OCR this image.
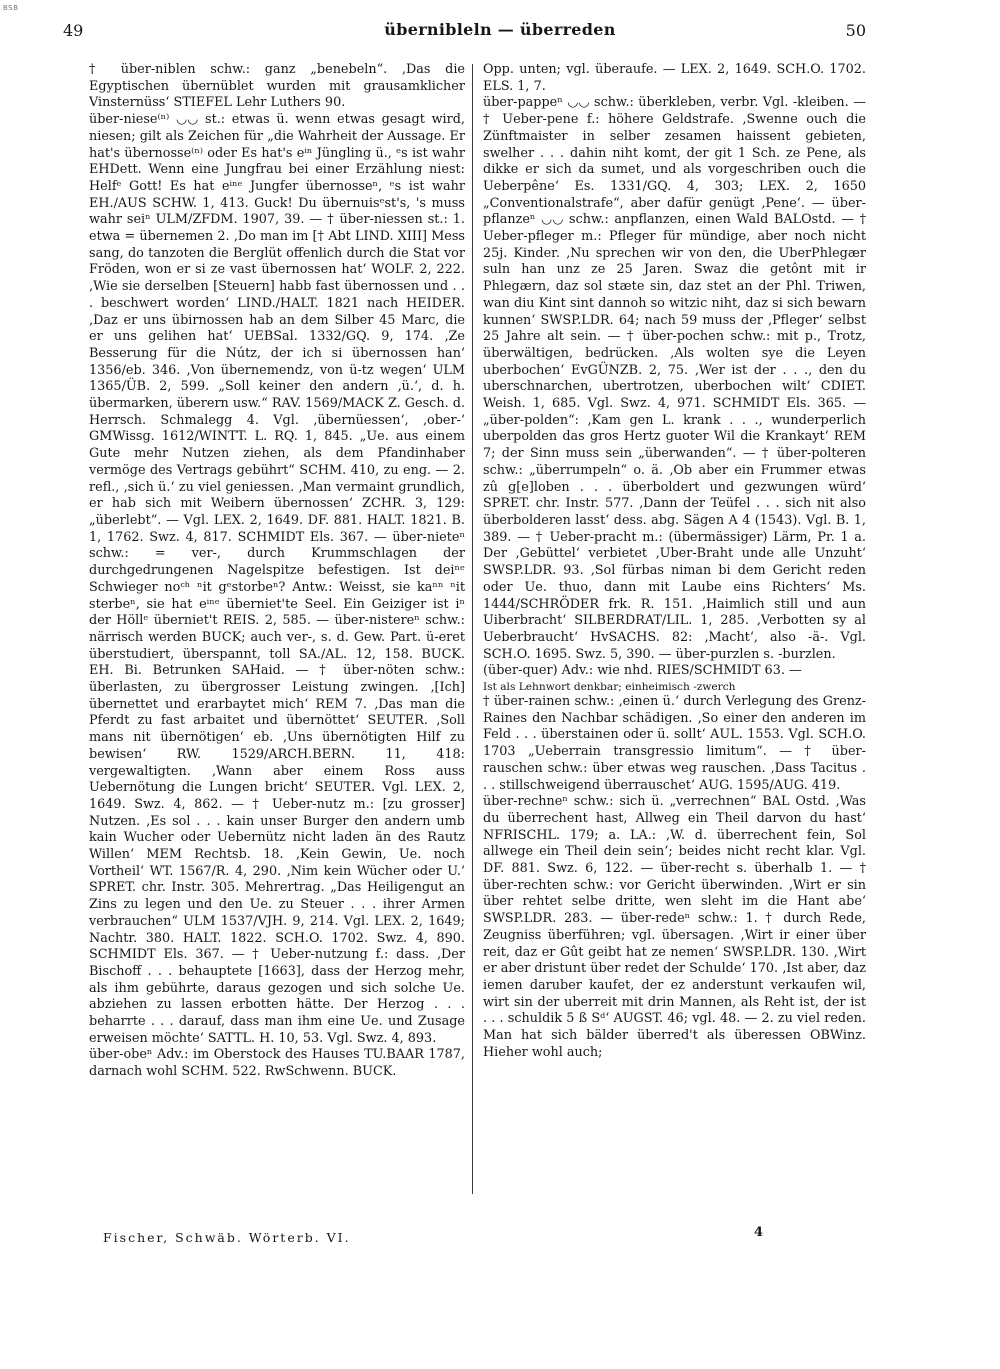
BSB
49	übernibleln — überreden	50

† über-niblen schw.: ganz „benebeln“. ‚Das die Egyptischen übernüblet wurden mit grausamklicher Vinsternüss‘ STIEFEL Lehr Luthers 90.

über-niese⁽ⁿ⁾ ◡◡ st.: etwas ü. wenn etwas gesagt wird, niesen; gilt als Zeichen für „die Wahrheit der Aussage. Er hat's übernosse⁽ⁿ⁾ oder Es hat's eⁱⁿ Jüngling ü., ᵉs ist wahr EHDett. Wenn eine Jungfrau bei einer Erzählung niest: Helfᵉ Gott! Es hat eⁱⁿᵉ Jungfer übernosseⁿ, ᵉs ist wahr EH./AUS SCHW. 1, 413. Guck! Du übernuisᵉst's, 's muss wahr seiⁿ ULM/ZFDM. 1907, 39. — † über-niessen st.: 1. etwa = übernemen 2. ‚Do man im [† Abt LIND. XIII] Mess sang, do tanzoten die Berglüt offenlich durch die Stat vor Fröden, won er si ze vast übernossen hat‘ WOLF. 2, 222. ‚Wie sie derselben [Steuern] habb fast übernossen und . . . beschwert worden‘ LIND./HALT. 1821 nach HEIDER. ‚Daz er uns übirnossen hab an dem Silber 45 Marc, die er uns gelihen hat‘ UEBSal. 1332/GQ. 9, 174. ‚Ze Besserung für die Nútz, der ich si übernossen han‘ 1356/eb. 346. ‚Von übernemendz, von ü-tz wegen‘ ULM 1365/ÜB. 2, 599. „Soll keiner den andern ‚ü.‘, d. h. übermarken, überern usw.“ RAV. 1569/MACK Z. Gesch. d. Herrsch. Schmalegg 4. Vgl. ‚übernüessen‘, ‚ober-‘ GMWissg. 1612/WINTT. L. RQ. 1, 845. „Ue. aus einem Gute mehr Nutzen ziehen, als dem Pfandinhaber vermöge des Vertrags gebührt“ SCHM. 410, zu eng. — 2. refl., ‚sich ü.‘ zu viel geniessen. ‚Man vermaint grundlich, er hab sich mit Weibern übernossen‘ ZCHR. 3, 129: „überlebt“. — Vgl. LEX. 2, 1649. DF. 881. HALT. 1821. B. 1, 1762. Swz. 4, 817. SCHMIDT Els. 367. — über-nieteⁿ schw.: = ver-, durch Krummschlagen der durchgedrungenen Nagelspitze befestigen. Ist deiⁿᵉ Schwieger noᶜʰ ⁿit gᵉstorbeⁿ? Antw.: Weisst, sie kaⁿⁿ ⁿit sterbeⁿ, sie hat eⁱⁿᵉ überniet'te Seel. Ein Geiziger ist iⁿ der Höllᵉ überniet't REIS. 2, 585. — über-nistereⁿ schw.: närrisch werden BUCK; auch ver-, s. d. Gew. Part. ü-eret überstudiert, überspannt, toll SA./AL. 12, 158. BUCK. EH. Bi. Betrunken SAHaid. — † über-nöten schw.: überlasten, zu übergrosser Leistung zwingen. ‚[Ich] übernettet und erarbaytet mich‘ REM 7. ‚Das man die Pferdt zu fast arbaitet und übernöttet‘ SEUTER. ‚Soll mans nit übernötigen‘ eb. ‚Uns übernötigten Hilf zu bewisen‘ RW. 1529/ARCH.BERN. 11, 418: vergewaltigten. ‚Wann aber einem Ross auss Uebernötung die Lungen bricht‘ SEUTER. Vgl. LEX. 2, 1649. Swz. 4, 862. — † Ueber-nutz m.: [zu grosser] Nutzen. ‚Es sol . . . kain unser Burger den andern umb kain Wucher oder Uebernütz nicht laden än des Rautz Willen‘ MEM Rechtsb. 18. ‚Kein Gewin, Ue. noch Vortheil‘ WT. 1567/R. 4, 290. ‚Nim kein Wücher oder U.‘ SPRET. chr. Instr. 305. Mehrertrag. „Das Heiligengut an Zins zu legen und den Ue. zu Steuer . . . ihrer Armen verbrauchen“ ULM 1537/VJH. 9, 214. Vgl. LEX. 2, 1649; Nachtr. 380. HALT. 1822. SCH.O. 1702. Swz. 4, 890. SCHMIDT Els. 367. — † Ueber-nutzung f.: dass. ‚Der Bischoff . . . behauptete [1663], dass der Herzog mehr, als ihm gebührte, daraus gezogen und sich solche Ue. abziehen zu lassen erbotten hätte. Der Herzog . . . beharrte . . . darauf, dass man ihm eine Ue. und Zusage erweisen möchte‘ SATTL. H. 10, 53. Vgl. Swz. 4, 893.

über-obeⁿ Adv.: im Oberstock des Hauses TU.BAAR 1787, darnach wohl SCHM. 522. RwSchwenn. BUCK.

Opp. unten; vgl. überaufe. — LEX. 2, 1649. SCH.O. 1702. ELS. 1, 7.

über-pappeⁿ ◡◡ schw.: überkleben, verbr. Vgl. -kleiben. — † Ueber-pene f.: höhere Geldstrafe. ‚Swenne ouch die Zünftmaister in selber zesamen haissent gebieten, swelher . . . dahin niht komt, der git 1 Sch. ze Pene, als dikke er sich da sumet, und als vorgeschriben ouch die Ueberpêne‘ Es. 1331/GQ. 4, 303; LEX. 2, 1650 „Conventionalstrafe“, aber dafür genügt ‚Pene‘. — über-pflanzeⁿ ◡◡ schw.: anpflanzen, einen Wald BALOstd. — † Ueber-pfleger m.: Pfleger für mündige, aber noch nicht 25j. Kinder. ‚Nu sprechen wir von den, die UberPhlegær suln han unz ze 25 Jaren. Swaz die getônt mit ir Phlegærn, daz sol stæte sin, daz stet an der Phl. Triwen, wan diu Kint sint dannoh so witzic niht, daz si sich bewarn kunnen‘ SWSP.LDR. 64; nach 59 muss der ‚Pfleger‘ selbst 25 Jahre alt sein. — † über-pochen schw.: mit p., Trotz, überwältigen, bedrücken. ‚Als wolten sye die Leyen uberbochen‘ EvGÜNZB. 2, 75. ‚Wer ist der . . ., den du uberschnarchen, ubertrotzen, uberbochen wilt‘ CDIET. Weish. 1, 685. Vgl. Swz. 4, 971. SCHMIDT Els. 365. — „über-polden“: ‚Kam gen L. krank . . ., wunderperlich uberpolden das gros Hertz guoter Wil die Krankayt‘ REM 7; der Sinn muss sein „überwanden“. — † über-polteren schw.: „überrumpeln“ o. ä. ‚Ob aber ein Frummer etwas zû g[e]loben . . . überboldert und gezwungen würd‘ SPRET. chr. Instr. 577. ‚Dann der Teüfel . . . sich nit also überbolderen lasst‘ dess. abg. Sägen A 4 (1543). Vgl. B. 1, 389. — † Ueber-pracht m.: (übermässiger) Lärm, Pr. 1 a. Der ‚Gebüttel‘ verbietet ‚Uber-Braht unde alle Unzuht‘ SWSP.LDR. 93. ‚Sol fürbas niman bi dem Gericht reden oder Ue. thuo, dann mit Laube eins Richters‘ Ms. 1444/SCHRÖDER frk. R. 151. ‚Haimlich still und aun Uiberbracht‘ SILBERDRAT/LIL. 1, 285. ‚Verbotten sy al Ueberbraucht‘ HvSACHS. 82: ‚Macht‘, also -ä-. Vgl. SCH.O. 1695. Swz. 5, 390. — über-purzlen s. -burzlen.

(über-quer) Adv.: wie nhd. RIES/SCHMIDT 63. —

Ist als Lehnwort denkbar; einheimisch -zwerch

† über-rainen schw.: ‚einen ü.‘ durch Verlegung des Grenz-Raines den Nachbar schädigen. ‚So einer den anderen im Feld . . . überstainen oder ü. sollt‘ AUL. 1553. Vgl. SCH.O. 1703 „Ueberrain transgressio limitum“. — † über-rauschen schw.: über etwas weg rauschen. ‚Dass Tacitus . . . stillschweigend überrauschet‘ AUG. 1595/AUG. 419.

über-rechneⁿ schw.: sich ü. „verrechnen“ BAL Ostd. ‚Was du überrechent hast, Allweg ein Theil darvon du hast‘ NFRISCHL. 179; a. LA.: ‚W. d. überrechent fein, Sol allwege ein Theil dein sein‘; beides nicht recht klar. Vgl. DF. 881. Swz. 6, 122. — über-recht s. überhalb 1. — † über-rechten schw.: vor Gericht überwinden. ‚Wirt er sin über rehtet selbe dritte, wen sleht im die Hant abe‘ SWSP.LDR. 283. — über-redeⁿ schw.: 1. † durch Rede, Zeugniss überführen; vgl. übersagen. ‚Wirt ir einer über reit, daz er Gût geibt hat ze nemen‘ SWSP.LDR. 130. ‚Wirt er aber dristunt über redet der Schulde‘ 170. ‚Ist aber, daz iemen daruber kaufet, der ez anderstunt verkaufen wil, wirt sin der uberreit mit drin Mannen, als Reht ist, der ist . . . schuldik 5 ß Sᵈ‘ AUGST. 46; vgl. 48. — 2. zu viel reden. Man hat sich bälder überred't als überessen OBWinz. Hieher wohl auch;

Fischer, Schwäb. Wörterb. VI.	4
